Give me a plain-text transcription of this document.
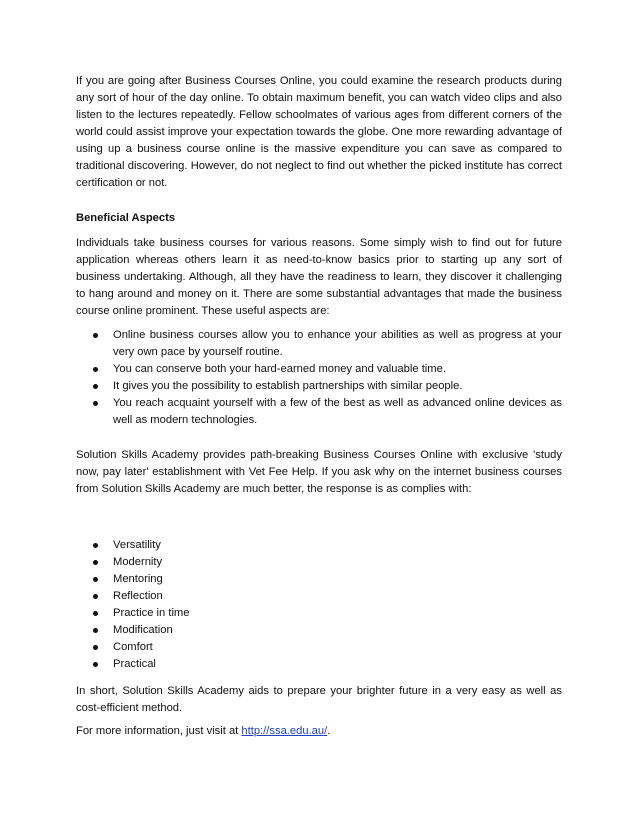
If you are going after Business Courses Online, you could examine the research products during any sort of hour of the day online. To obtain maximum benefit, you can watch video clips and also listen to the lectures repeatedly. Fellow schoolmates of various ages from different corners of the world could assist improve your expectation towards the globe. One more rewarding advantage of using up a business course online is the massive expenditure you can save as compared to traditional discovering. However, do not neglect to find out whether the picked institute has correct certification or not.

Beneficial Aspects

Individuals take business courses for various reasons. Some simply wish to find out for future application whereas others learn it as need-to-know basics prior to starting up any sort of business undertaking. Although, all they have the readiness to learn, they discover it challenging to hang around and money on it. There are some substantial advantages that made the business course online prominent. These useful aspects are:

Online business courses allow you to enhance your abilities as well as progress at your very own pace by yourself routine.
You can conserve both your hard-earned money and valuable time.
It gives you the possibility to establish partnerships with similar people.
You reach acquaint yourself with a few of the best as well as advanced online devices as well as modern technologies.

Solution Skills Academy provides path-breaking Business Courses Online with exclusive 'study now, pay later' establishment with Vet Fee Help. If you ask why on the internet business courses from Solution Skills Academy are much better, the response is as complies with:

Versatility
Modernity
Mentoring
Reflection
Practice in time
Modification
Comfort
Practical

In short, Solution Skills Academy aids to prepare your brighter future in a very easy as well as cost-efficient method.

For more information, just visit at http://ssa.edu.au/.
